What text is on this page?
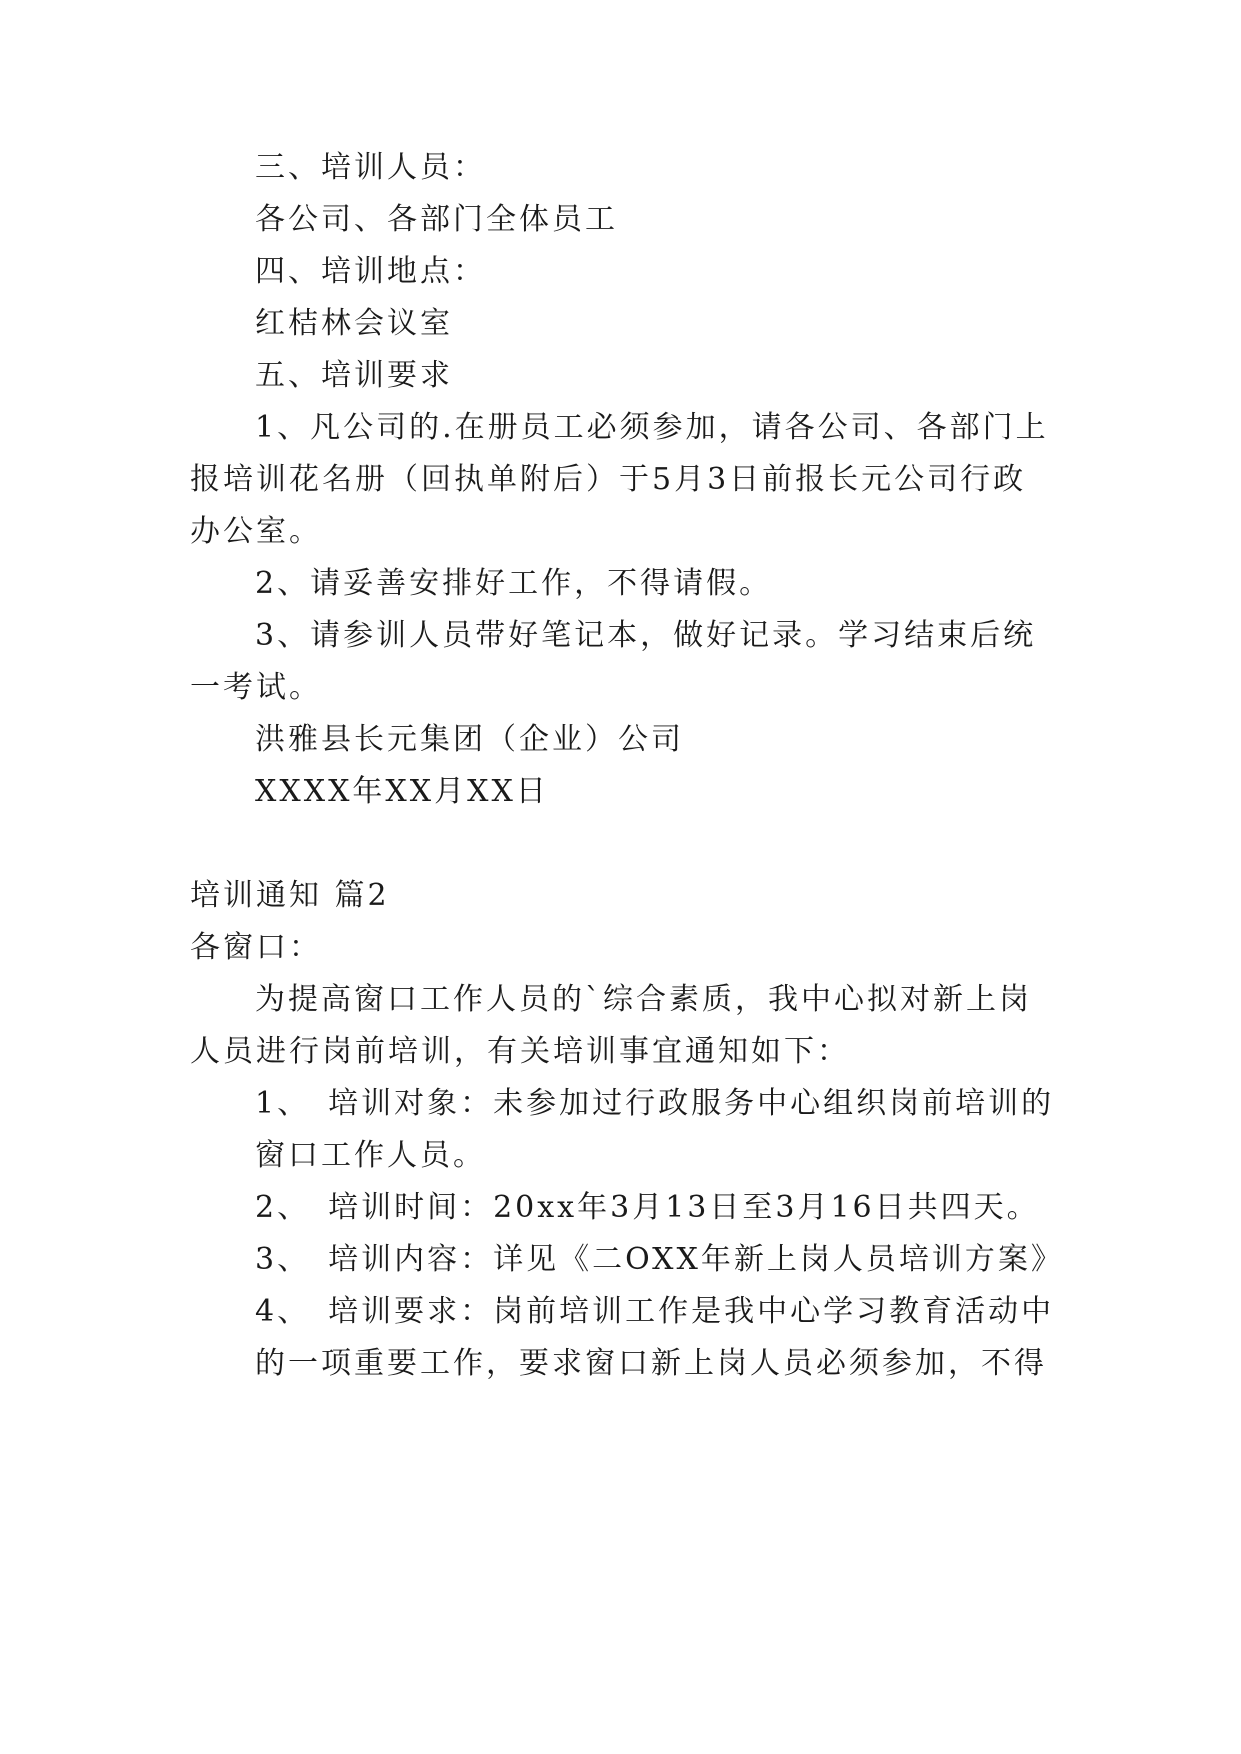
三、培训人员：
各公司、各部门全体员工
四、培训地点：
红桔林会议室
五、培训要求
1、凡公司的.在册员工必须参加，请各公司、各部门上
报培训花名册（回执单附后）于5月3日前报长元公司行政
办公室。
2、请妥善安排好工作，不得请假。
3、请参训人员带好笔记本，做好记录。学习结束后统
一考试。
洪雅县长元集团（企业）公司
XXXX年XX月XX日
培训通知 篇2
各窗口：
为提高窗口工作人员的`综合素质，我中心拟对新上岗
人员进行岗前培训，有关培训事宜通知如下：
1、 培训对象：未参加过行政服务中心组织岗前培训的
窗口工作人员。
2、 培训时间：20xx年3月13日至3月16日共四天。
3、 培训内容：详见《二OXX年新上岗人员培训方案》
4、 培训要求：岗前培训工作是我中心学习教育活动中
的一项重要工作，要求窗口新上岗人员必须参加，不得
